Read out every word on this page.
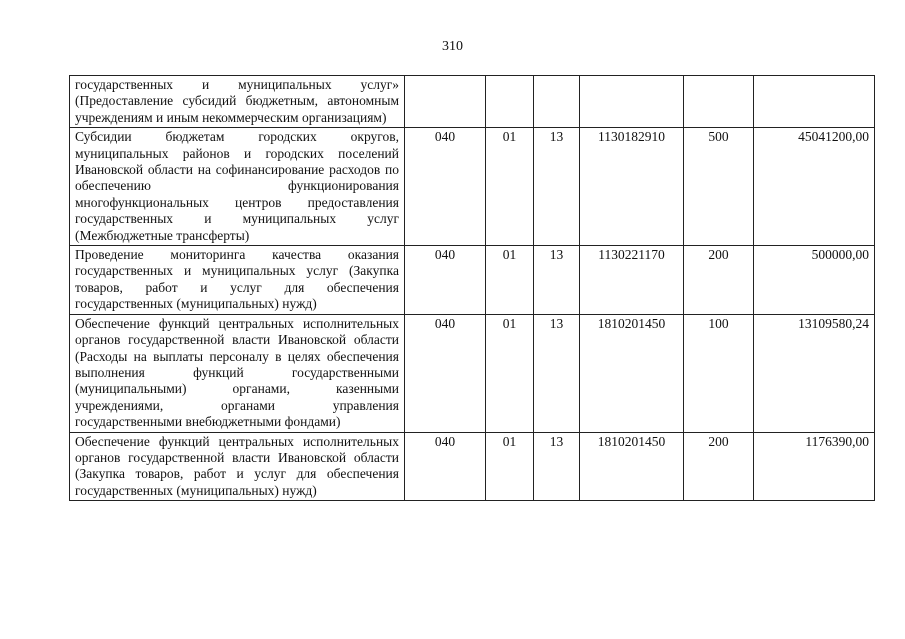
310
государственных и муниципальных услуг» (Предоставление субсидий бюджетным, автономным учреждениям и иным некоммерческим организациям)						
Субсидии бюджетам городских округов, муниципальных районов и городских поселений Ивановской области на софинансирование расходов по обеспечению функционирования многофункциональных центров предоставления государственных и муниципальных услуг (Межбюджетные трансферты)	040	01	13	1130182910	500	45041200,00
Проведение мониторинга качества оказания государственных и муниципальных услуг (Закупка товаров, работ и услуг для обеспечения государственных (муниципальных) нужд)	040	01	13	1130221170	200	500000,00
Обеспечение функций центральных исполнительных органов государственной власти Ивановской области (Расходы на выплаты персоналу в целях обеспечения выполнения функций государственными (муниципальными) органами, казенными учреждениями, органами управления государственными внебюджетными фондами)	040	01	13	1810201450	100	13109580,24
Обеспечение функций центральных исполнительных органов государственной власти Ивановской области (Закупка товаров, работ и услуг для обеспечения государственных (муниципальных) нужд)	040	01	13	1810201450	200	1176390,00
